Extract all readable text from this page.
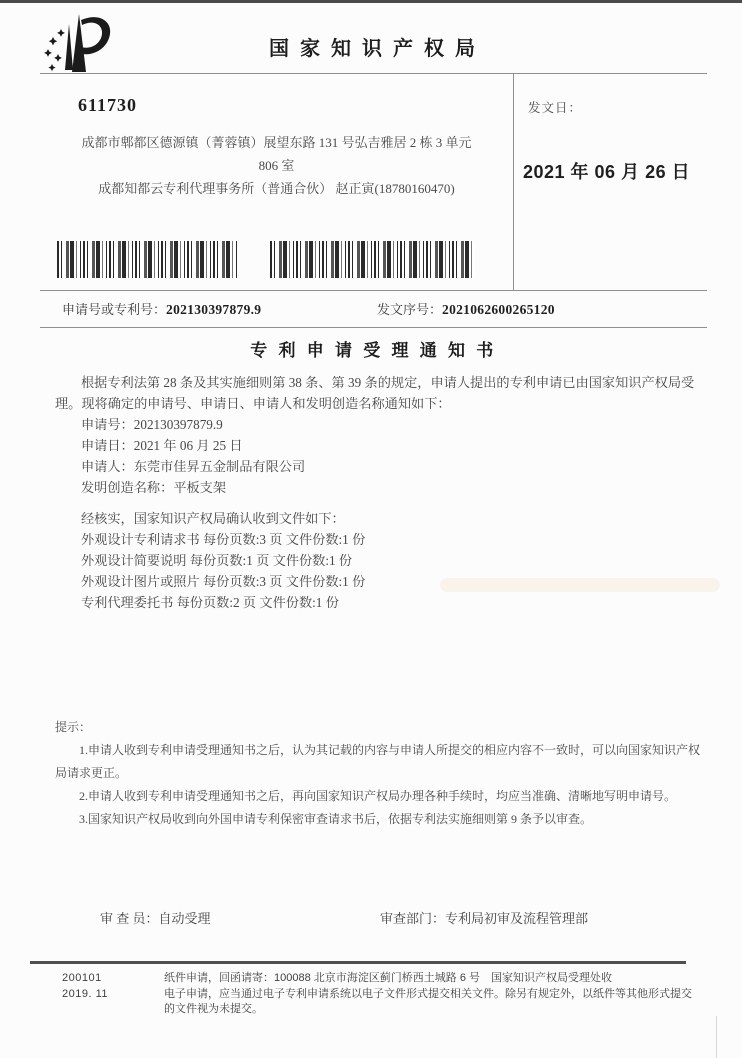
国 家 知 识 产 权 局
611730
成都市郫都区德源镇（菁蓉镇）展望东路 131 号弘吉雅居 2 栋 3 单元
806 室
成都知都云专利代理事务所（普通合伙） 赵正寅(18780160470)
发文日：
2021 年 06 月 26 日
申请号或专利号：202130397879.9	发文序号：2021062600265120
专 利 申 请 受 理 通 知 书

根据专利法第 28 条及其实施细则第 38 条、第 39 条的规定，申请人提出的专利申请已由国家知识产权局受理。现将确定的申请号、申请日、申请人和发明创造名称通知如下：

申请号：202130397879.9

申请日：2021 年 06 月 25 日

申请人：东莞市佳昇五金制品有限公司

发明创造名称：平板支架

经核实，国家知识产权局确认收到文件如下：

外观设计专利请求书 每份页数:3 页 文件份数:1 份

外观设计简要说明 每份页数:1 页 文件份数:1 份

外观设计图片或照片 每份页数:3 页 文件份数:1 份

专利代理委托书 每份页数:2 页 文件份数:1 份

提示：

1.申请人收到专利申请受理通知书之后，认为其记载的内容与申请人所提交的相应内容不一致时，可以向国家知识产权局请求更正。

2.申请人收到专利申请受理通知书之后，再向国家知识产权局办理各种手续时，均应当准确、清晰地写明申请号。

3.国家知识产权局收到向外国申请专利保密审查请求书后，依据专利法实施细则第 9 条予以审查。

审 查 员：自动受理	审查部门：专利局初审及流程管理部
200101	纸件申请，回函请寄：100088 北京市海淀区蓟门桥西土城路 6 号　国家知识产权局受理处收
2019. 11	电子申请，应当通过电子专利申请系统以电子文件形式提交相关文件。除另有规定外，以纸件等其他形式提交的文件视为未提交。
